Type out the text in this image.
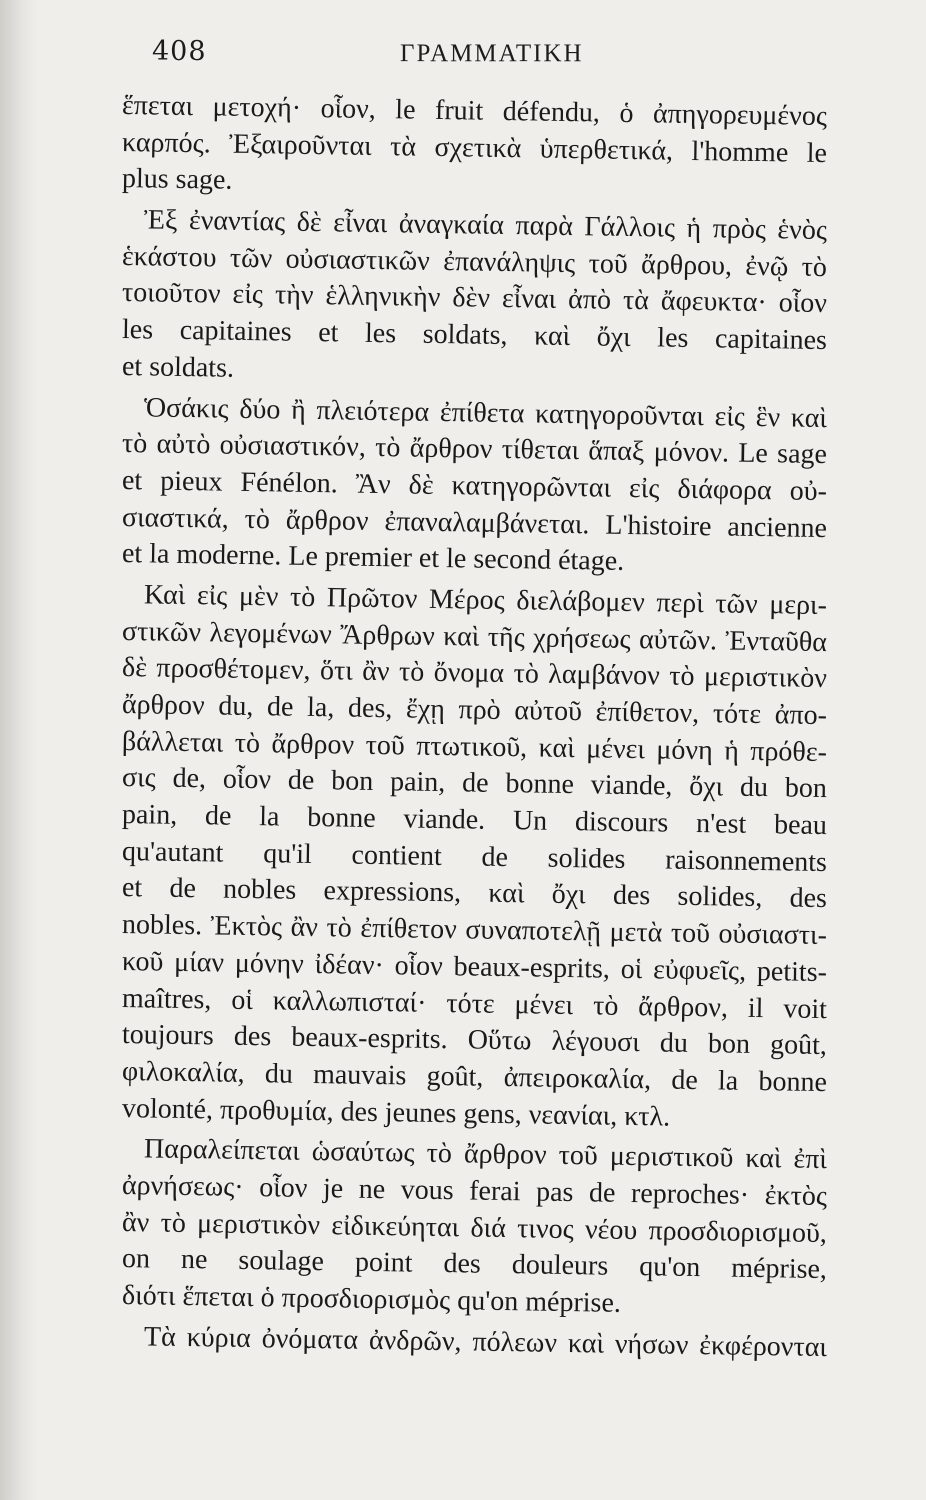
408	ΓΡΑΜΜΑΤΙΚΗ
ἕπεται μετοχή· οἷον, le fruit défendu, ὁ ἀπηγορευμένος
καρπός. Ἐξαιροῦνται τὰ σχετικὰ ὑπερθετικά, l'homme le
plus sage.
Ἐξ ἐναντίας δὲ εἶναι ἀναγκαία παρὰ Γάλλοις ἡ πρὸς ἑνὸς
ἑκάστου τῶν οὐσιαστικῶν ἐπανάληψις τοῦ ἄρθρου, ἐνῷ τὸ
τοιοῦτον εἰς τὴν ἑλληνικὴν δὲν εἶναι ἀπὸ τὰ ἄφευκτα· οἷον
les capitaines et les soldats, καὶ ὄχι les capitaines
et soldats.
Ὁσάκις δύο ἢ πλειότερα ἐπίθετα κατηγοροῦνται εἰς ἓν καὶ
τὸ αὐτὸ οὐσιαστικόν, τὸ ἄρθρον τίθεται ἅπαξ μόνον. Le sage
et pieux Fénélon. Ἂν δὲ κατηγορῶνται εἰς διάφορα οὐ-
σιαστικά, τὸ ἄρθρον ἐπαναλαμβάνεται. L'histoire ancienne
et la moderne. Le premier et le second étage.
Καὶ εἰς μὲν τὸ Πρῶτον Μέρος διελάβομεν περὶ τῶν μερι-
στικῶν λεγομένων Ἄρθρων καὶ τῆς χρήσεως αὐτῶν. Ἐνταῦθα
δὲ προσθέτομεν, ὅτι ἂν τὸ ὄνομα τὸ λαμβάνον τὸ μεριστικὸν
ἄρθρον du, de la, des, ἔχῃ πρὸ αὐτοῦ ἐπίθετον, τότε ἀπο-
βάλλεται τὸ ἄρθρον τοῦ πτωτικοῦ, καὶ μένει μόνη ἡ πρόθε-
σις de, οἷον de bon pain, de bonne viande, ὄχι du bon
pain, de la bonne viande. Un discours n'est beau
qu'autant qu'il contient de solides raisonnements
et de nobles expressions, καὶ ὄχι des solides, des
nobles. Ἐκτὸς ἂν τὸ ἐπίθετον συναποτελῇ μετὰ τοῦ οὐσιαστι-
κοῦ μίαν μόνην ἰδέαν· οἷον beaux-esprits, οἱ εὐφυεῖς, petits-
maîtres, οἱ καλλωπισταί· τότε μένει τὸ ἄρθρον, il voit
toujours des beaux-esprits. Οὕτω λέγουσι du bon goût,
φιλοκαλία, du mauvais goût, ἀπειροκαλία, de la bonne
volonté, προθυμία, des jeunes gens, νεανίαι, κτλ.
Παραλείπεται ὡσαύτως τὸ ἄρθρον τοῦ μεριστικοῦ καὶ ἐπὶ
ἀρνήσεως· οἷον je ne vous ferai pas de reproches· ἐκτὸς
ἂν τὸ μεριστικὸν εἰδικεύηται διά τινος νέου προσδιορισμοῦ,
on ne soulage point des douleurs qu'on méprise,
διότι ἕπεται ὁ προσδιορισμὸς qu'on méprise.
Τὰ κύρια ὀνόματα ἀνδρῶν, πόλεων καὶ νήσων ἐκφέρονται
